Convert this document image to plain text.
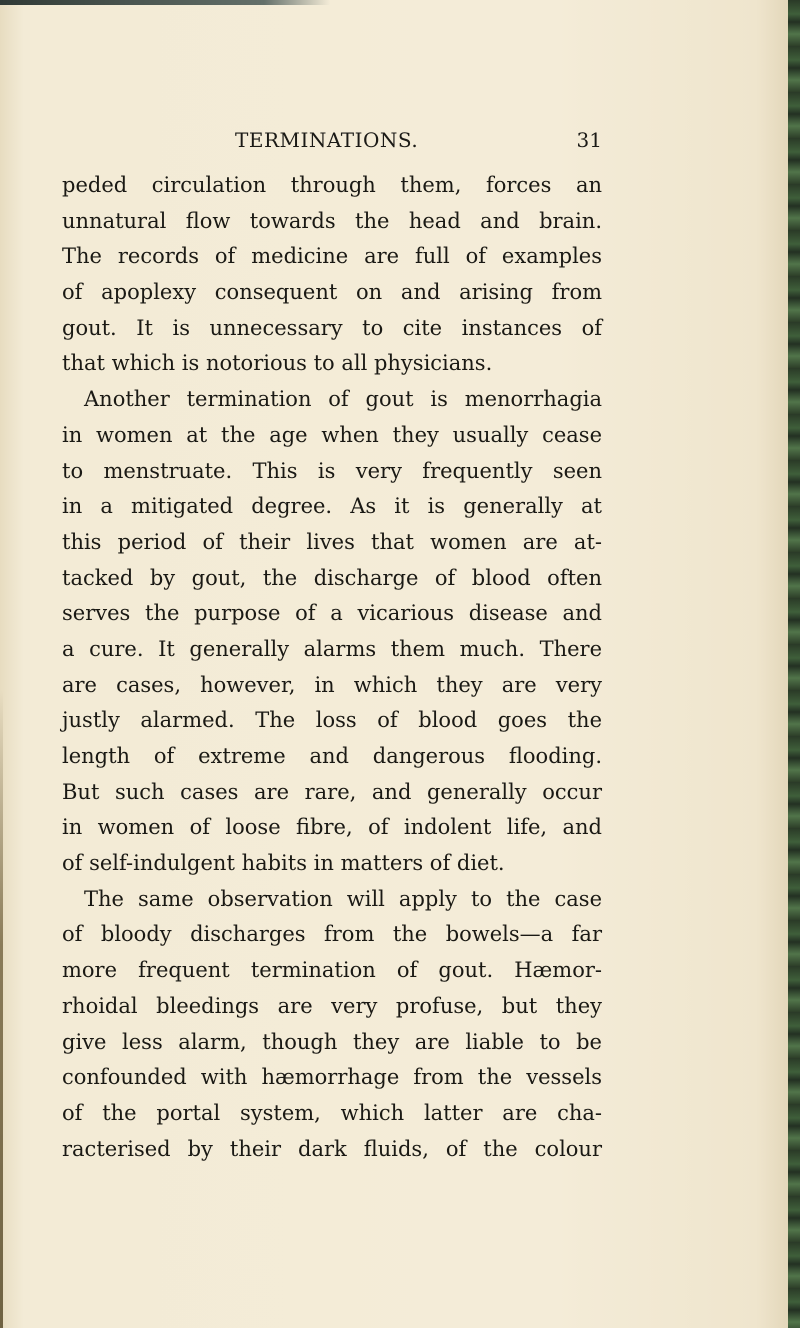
TERMINATIONS.	31
peded circulation through them, forces an
unnatural flow towards the head and brain.
The records of medicine are full of examples
of apoplexy consequent on and arising from
gout. It is unnecessary to cite instances of
that which is notorious to all physicians.
Another termination of gout is menorrhagia
in women at the age when they usually cease
to menstruate. This is very frequently seen
in a mitigated degree. As it is generally at
this period of their lives that women are at-
tacked by gout, the discharge of blood often
serves the purpose of a vicarious disease and
a cure. It generally alarms them much. There
are cases, however, in which they are very
justly alarmed. The loss of blood goes the
length of extreme and dangerous flooding.
But such cases are rare, and generally occur
in women of loose fibre, of indolent life, and
of self-indulgent habits in matters of diet.
The same observation will apply to the case
of bloody discharges from the bowels—a far
more frequent termination of gout. Hæmor-
rhoidal bleedings are very profuse, but they
give less alarm, though they are liable to be
confounded with hæmorrhage from the vessels
of the portal system, which latter are cha-
racterised by their dark fluids, of the colour
